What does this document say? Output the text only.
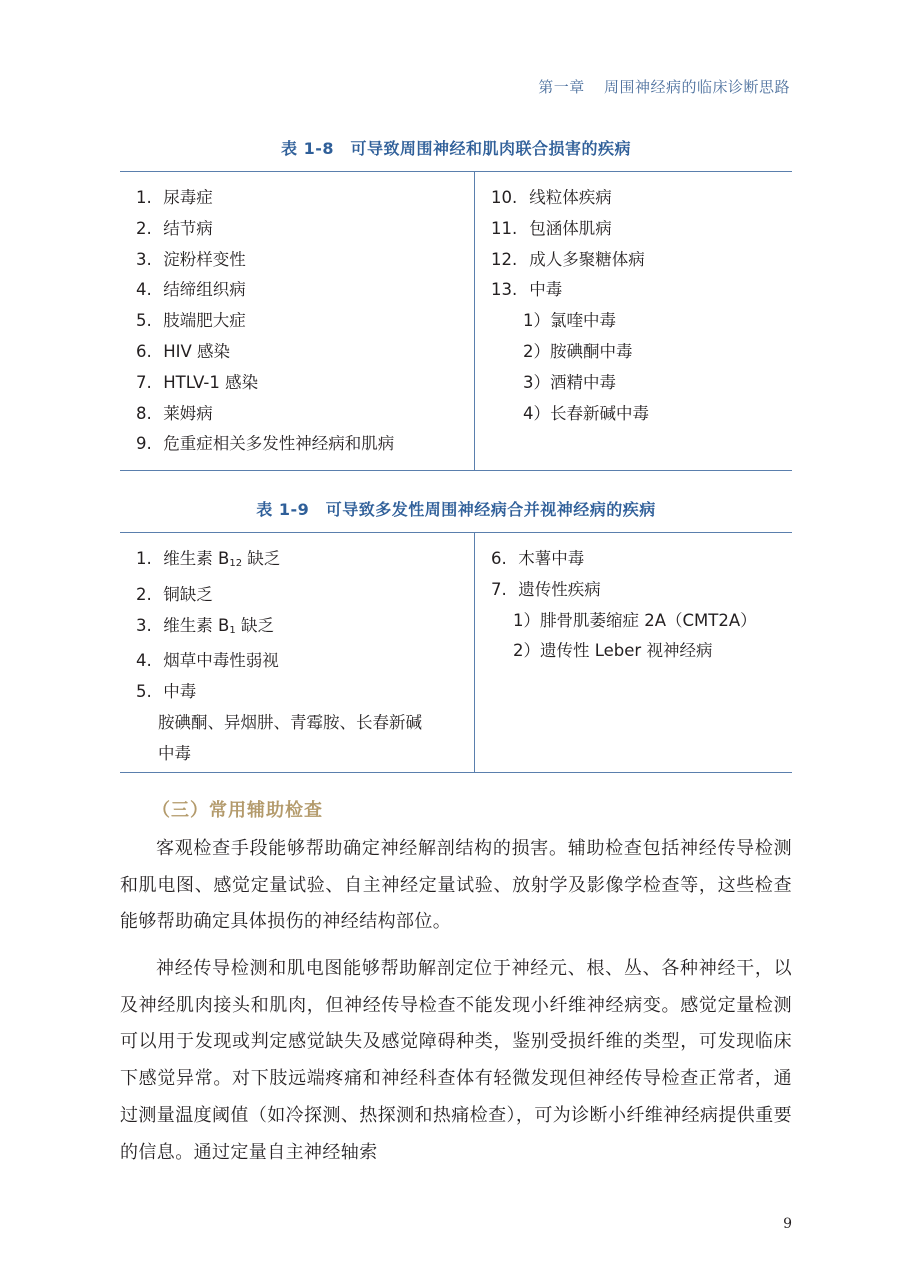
第一章 周围神经病的临床诊断思路
表 1-8　可导致周围神经和肌肉联合损害的疾病
1. 尿毒症
2. 结节病
3. 淀粉样变性
4. 结缔组织病
5. 肢端肥大症
6. HIV 感染
7. HTLV-1 感染
8. 莱姆病
9. 危重症相关多发性神经病和肌病
10. 线粒体疾病
11. 包涵体肌病
12. 成人多聚糖体病
13. 中毒
1）氯喹中毒
2）胺碘酮中毒
3）酒精中毒
4）长春新碱中毒
表 1-9　可导致多发性周围神经病合并视神经病的疾病
1. 维生素 $B_{12}$ 缺乏
2. 铜缺乏
3. 维生素 $B_1$ 缺乏
4. 烟草中毒性弱视
5. 中毒
胺碘酮、异烟肼、青霉胺、长春新碱
中毒
6. 木薯中毒
7. 遗传性疾病
1）腓骨肌萎缩症 2A（CMT2A）
2）遗传性 Leber 视神经病
（三）常用辅助检查

客观检查手段能够帮助确定神经解剖结构的损害。辅助检查包括神经传导检测和肌电图、感觉定量试验、自主神经定量试验、放射学及影像学检查等，这些检查能够帮助确定具体损伤的神经结构部位。

神经传导检测和肌电图能够帮助解剖定位于神经元、根、丛、各种神经干，以及神经肌肉接头和肌肉，但神经传导检查不能发现小纤维神经病变。感觉定量检测可以用于发现或判定感觉缺失及感觉障碍种类，鉴别受损纤维的类型，可发现临床下感觉异常。对下肢远端疼痛和神经科查体有轻微发现但神经传导检查正常者，通过测量温度阈值（如冷探测、热探测和热痛检查），可为诊断小纤维神经病提供重要的信息。通过定量自主神经轴索

9
